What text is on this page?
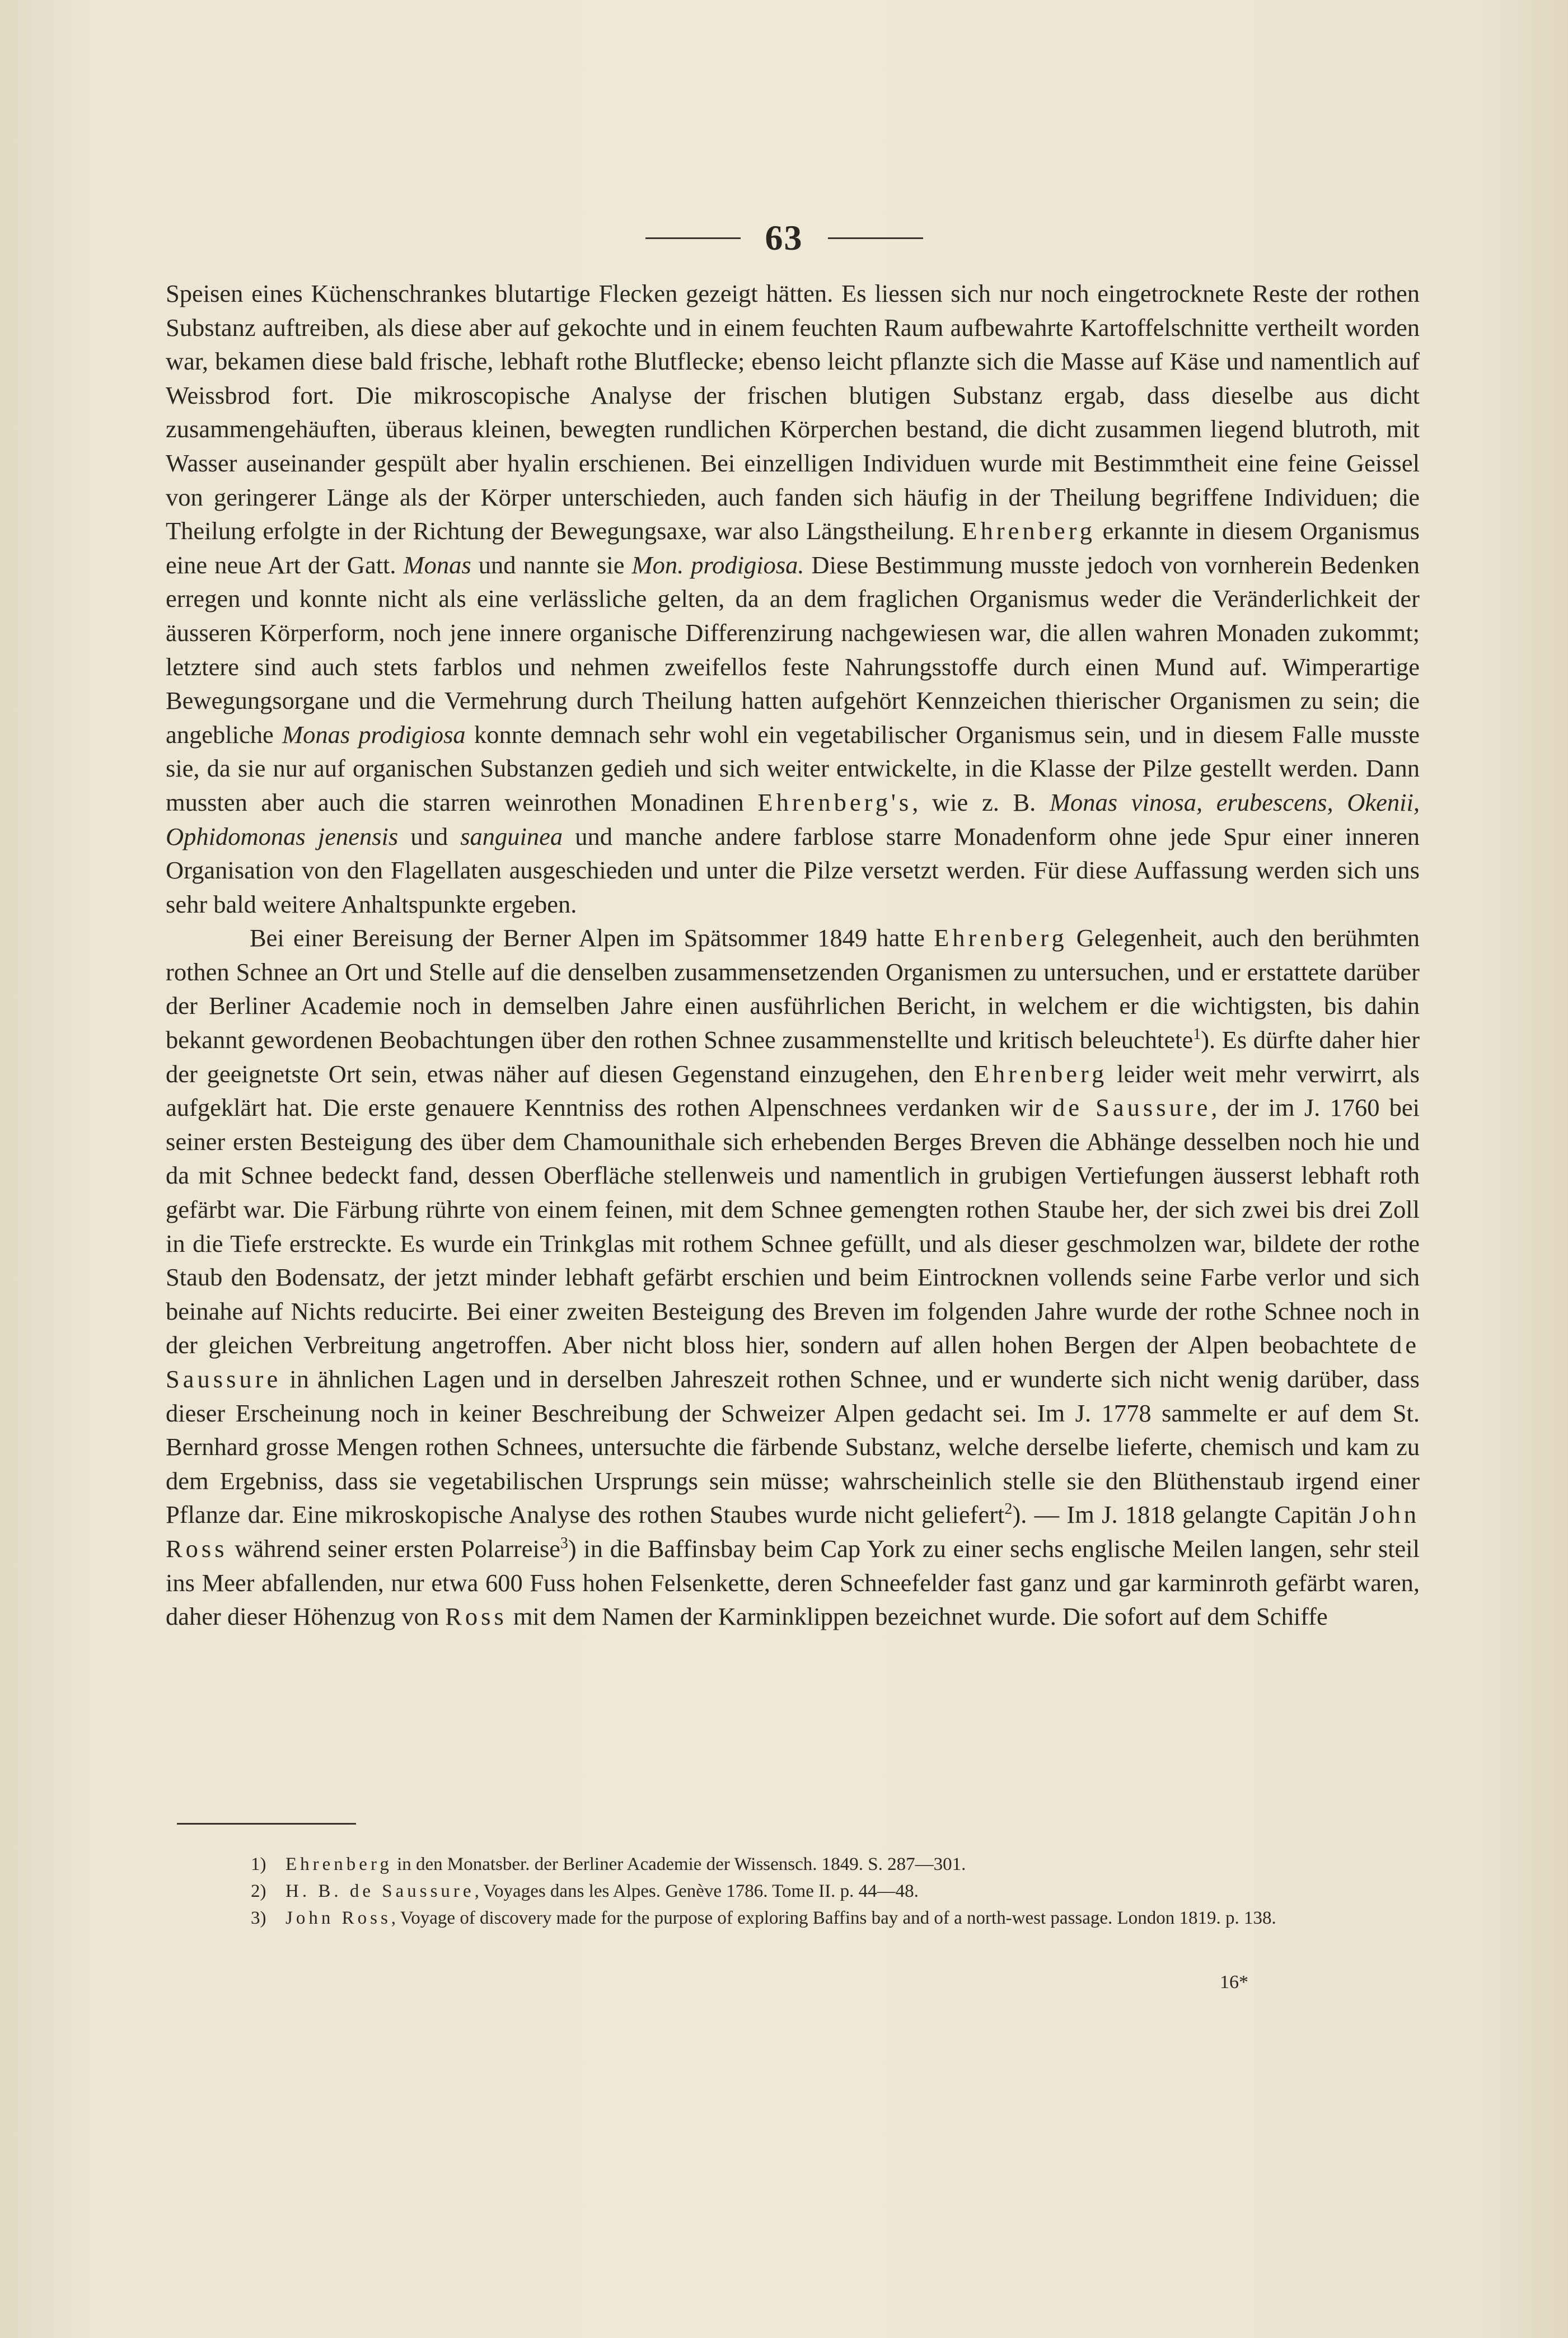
63

Speisen eines Küchenschrankes blutartige Flecken gezeigt hätten. Es liessen sich nur noch eingetrocknete Reste der rothen Substanz auftreiben, als diese aber auf gekochte und in einem feuchten Raum aufbewahrte Kartoffelschnitte vertheilt worden war, bekamen diese bald frische, lebhaft rothe Blutflecke; ebenso leicht pflanzte sich die Masse auf Käse und namentlich auf Weissbrod fort. Die mikroscopische Analyse der frischen blutigen Substanz ergab, dass dieselbe aus dicht zusammengehäuften, überaus kleinen, bewegten rundlichen Körperchen bestand, die dicht zusammen liegend blutroth, mit Wasser auseinander gespült aber hyalin erschienen. Bei einzelligen Individuen wurde mit Bestimmtheit eine feine Geissel von geringerer Länge als der Körper unterschieden, auch fanden sich häufig in der Theilung begriffene Individuen; die Theilung erfolgte in der Richtung der Bewegungsaxe, war also Längstheilung. Ehrenberg erkannte in diesem Organismus eine neue Art der Gatt. Monas und nannte sie Mon. prodigiosa. Diese Bestimmung musste jedoch von vornherein Bedenken erregen und konnte nicht als eine verlässliche gelten, da an dem fraglichen Organismus weder die Veränderlichkeit der äusseren Körperform, noch jene innere organische Differenzirung nachgewiesen war, die allen wahren Monaden zukommt; letztere sind auch stets farblos und nehmen zweifellos feste Nahrungsstoffe durch einen Mund auf. Wimperartige Bewegungsorgane und die Vermehrung durch Theilung hatten aufgehört Kennzeichen thierischer Organismen zu sein; die angebliche Monas prodigiosa konnte demnach sehr wohl ein vegetabilischer Organismus sein, und in diesem Falle musste sie, da sie nur auf organischen Substanzen gedieh und sich weiter entwickelte, in die Klasse der Pilze gestellt werden. Dann mussten aber auch die starren weinrothen Monadinen Ehrenberg's, wie z. B. Monas vinosa, erubescens, Okenii, Ophidomonas jenensis und sanguinea und manche andere farblose starre Monadenform ohne jede Spur einer inneren Organisation von den Flagellaten ausgeschieden und unter die Pilze versetzt werden. Für diese Auffassung werden sich uns sehr bald weitere Anhaltspunkte ergeben.

Bei einer Bereisung der Berner Alpen im Spätsommer 1849 hatte Ehrenberg Gelegenheit, auch den berühmten rothen Schnee an Ort und Stelle auf die denselben zusammensetzenden Organismen zu untersuchen, und er erstattete darüber der Berliner Academie noch in demselben Jahre einen ausführlichen Bericht, in welchem er die wichtigsten, bis dahin bekannt gewordenen Beobachtungen über den rothen Schnee zusammenstellte und kritisch beleuchtete$^1$). Es dürfte daher hier der geeignetste Ort sein, etwas näher auf diesen Gegenstand einzugehen, den Ehrenberg leider weit mehr verwirrt, als aufgeklärt hat. Die erste genauere Kenntniss des rothen Alpenschnees verdanken wir de Saussure, der im J. 1760 bei seiner ersten Besteigung des über dem Chamounithale sich erhebenden Berges Breven die Abhänge desselben noch hie und da mit Schnee bedeckt fand, dessen Oberfläche stellenweis und namentlich in grubigen Vertiefungen äusserst lebhaft roth gefärbt war. Die Färbung rührte von einem feinen, mit dem Schnee gemengten rothen Staube her, der sich zwei bis drei Zoll in die Tiefe erstreckte. Es wurde ein Trinkglas mit rothem Schnee gefüllt, und als dieser geschmolzen war, bildete der rothe Staub den Bodensatz, der jetzt minder lebhaft gefärbt erschien und beim Eintrocknen vollends seine Farbe verlor und sich beinahe auf Nichts reducirte. Bei einer zweiten Besteigung des Breven im folgenden Jahre wurde der rothe Schnee noch in der gleichen Verbreitung angetroffen. Aber nicht bloss hier, sondern auf allen hohen Bergen der Alpen beobachtete de Saussure in ähnlichen Lagen und in derselben Jahreszeit rothen Schnee, und er wunderte sich nicht wenig darüber, dass dieser Erscheinung noch in keiner Beschreibung der Schweizer Alpen gedacht sei. Im J. 1778 sammelte er auf dem St. Bernhard grosse Mengen rothen Schnees, untersuchte die färbende Substanz, welche derselbe lieferte, chemisch und kam zu dem Ergebniss, dass sie vegetabilischen Ursprungs sein müsse; wahrscheinlich stelle sie den Blüthenstaub irgend einer Pflanze dar. Eine mikroskopische Analyse des rothen Staubes wurde nicht geliefert$^2$). — Im J. 1818 gelangte Capitän John Ross während seiner ersten Polarreise$^3$) in die Baffinsbay beim Cap York zu einer sechs englische Meilen langen, sehr steil ins Meer abfallenden, nur etwa 600 Fuss hohen Felsenkette, deren Schneefelder fast ganz und gar karminroth gefärbt waren, daher dieser Höhenzug von Ross mit dem Namen der Karminklippen bezeichnet wurde. Die sofort auf dem Schiffe

1) Ehrenberg in den Monatsber. der Berliner Academie der Wissensch. 1849. S. 287—301.

2) H. B. de Saussure, Voyages dans les Alpes. Genève 1786. Tome II. p. 44—48.

3) John Ross, Voyage of discovery made for the purpose of exploring Baffins bay and of a north-west passage. London 1819. p. 138.

16*
